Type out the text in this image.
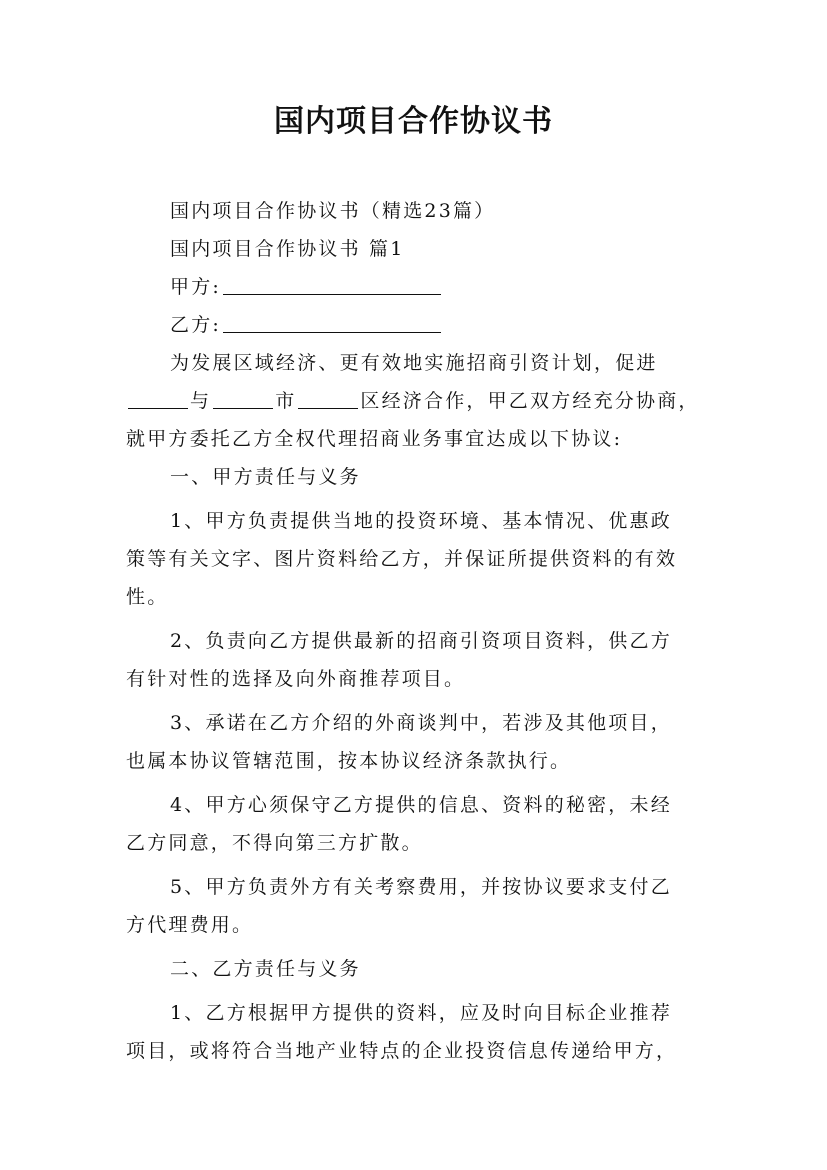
国内项目合作协议书
国内项目合作协议书（精选23篇）
国内项目合作协议书 篇1
甲方:
乙方:
为发展区域经济、更有效地实施招商引资计划，促进
与	市	区经济合作，甲乙双方经充分协商，
就甲方委托乙方全权代理招商业务事宜达成以下协议:
一、甲方责任与义务
1、甲方负责提供当地的投资环境、基本情况、优惠政
策等有关文字、图片资料给乙方，并保证所提供资料的有效
性。
2、负责向乙方提供最新的招商引资项目资料，供乙方
有针对性的选择及向外商推荐项目。
3、承诺在乙方介绍的外商谈判中，若涉及其他项目，
也属本协议管辖范围，按本协议经济条款执行。
4、甲方心须保守乙方提供的信息、资料的秘密，未经
乙方同意，不得向第三方扩散。
5、甲方负责外方有关考察费用，并按协议要求支付乙
方代理费用。
二、乙方责任与义务
1、乙方根据甲方提供的资料，应及时向目标企业推荐
项目，或将符合当地产业特点的企业投资信息传递给甲方，
